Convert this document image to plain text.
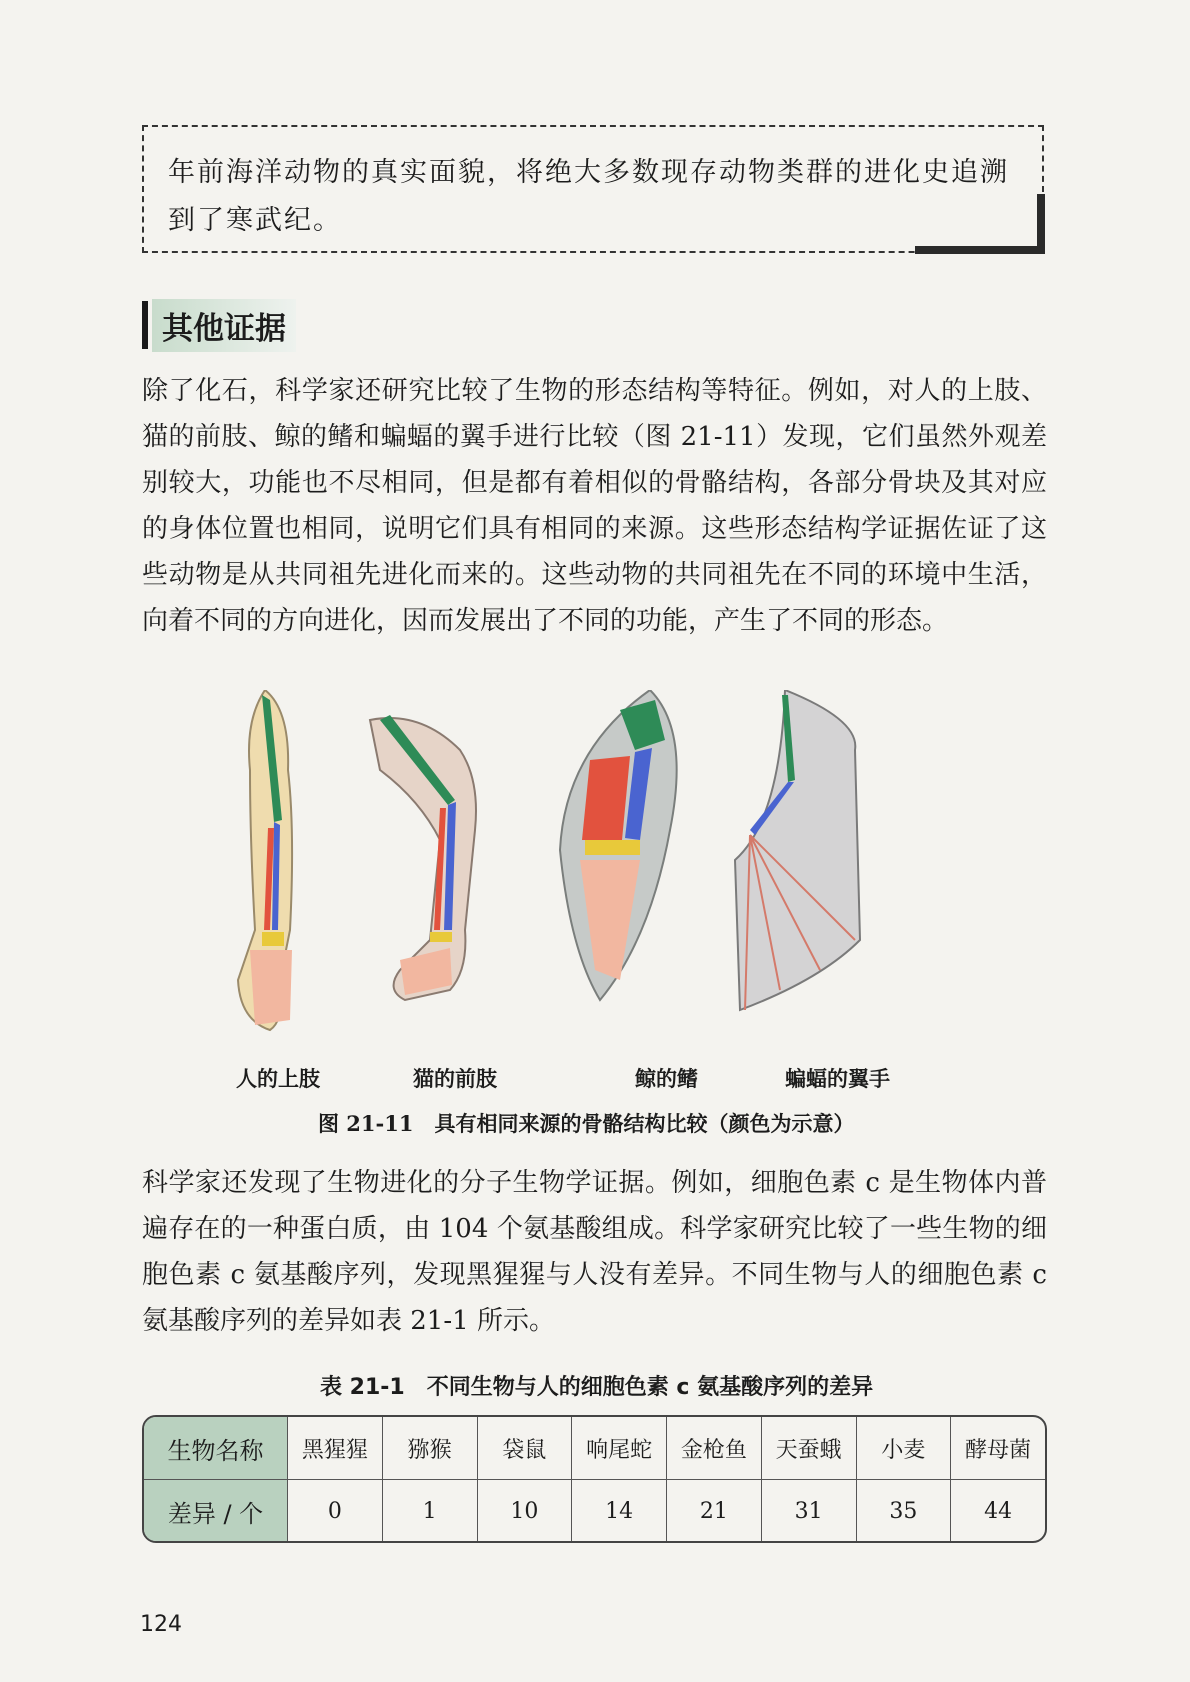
年前海洋动物的真实面貌，将绝大多数现存动物类群的进化史追溯到了寒武纪。
其他证据

除了化石，科学家还研究比较了生物的形态结构等特征。例如，对人的上肢、猫的前肢、鲸的鳍和蝙蝠的翼手进行比较（图 21-11）发现，它们虽然外观差别较大，功能也不尽相同，但是都有着相似的骨骼结构，各部分骨块及其对应的身体位置也相同，说明它们具有相同的来源。这些形态结构学证据佐证了这些动物是从共同祖先进化而来的。这些动物的共同祖先在不同的环境中生活，向着不同的方向进化，因而发展出了不同的功能，产生了不同的形态。

人的上肢	猫的前肢	鲸的鳍	蝙蝠的翼手
图 21-11　具有相同来源的骨骼结构比较（颜色为示意）

科学家还发现了生物进化的分子生物学证据。例如，细胞色素 c 是生物体内普遍存在的一种蛋白质，由 104 个氨基酸组成。科学家研究比较了一些生物的细胞色素 c 氨基酸序列，发现黑猩猩与人没有差异。不同生物与人的细胞色素 c 氨基酸序列的差异如表 21-1 所示。

表 21-1　不同生物与人的细胞色素 c 氨基酸序列的差异
生物名称	黑猩猩	猕猴	袋鼠	响尾蛇	金枪鱼	天蚕蛾	小麦	酵母菌
差异 / 个	0	1	10	14	21	31	35	44
124
